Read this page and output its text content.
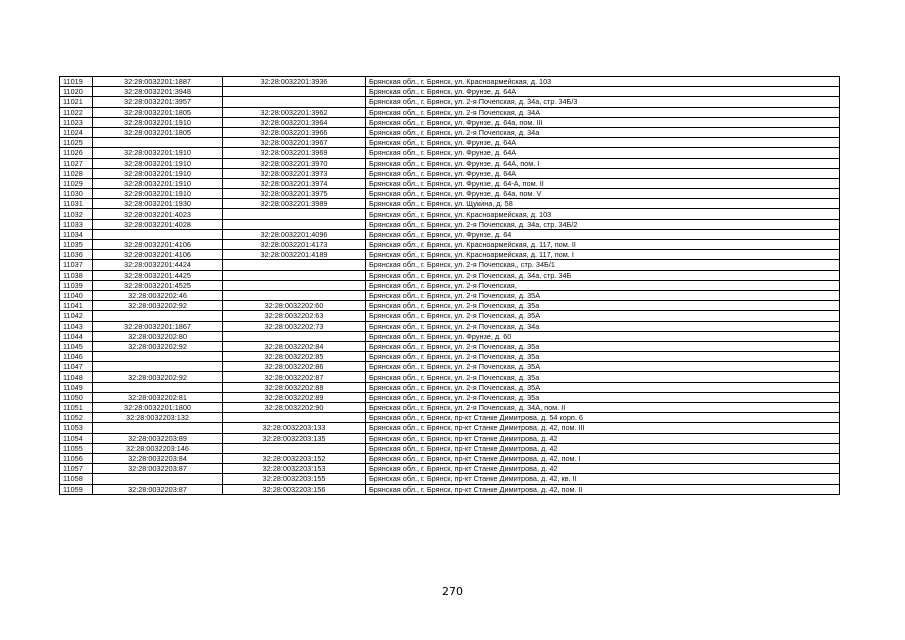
11019	32:28:0032201:1887	32:28:0032201:3936	Брянская обл., г. Брянск, ул. Красноармейская, д. 103
11020	32:28:0032201:3948		Брянская обл., г. Брянск, ул. Фрунзе, д. 64А
11021	32:28:0032201:3957		Брянская обл., г. Брянск, ул. 2-я Почепская, д. 34а, стр. 34Б/3
11022	32:28:0032201:1805	32:28:0032201:3962	Брянская обл., г. Брянск, ул. 2-я Почепская, д. 34А
11023	32:28:0032201:1910	32:28:0032201:3964	Брянская обл., г. Брянск, ул. Фрунзе, д. 64а, пом. III
11024	32:28:0032201:1805	32:28:0032201:3966	Брянская обл., г. Брянск, ул. 2-я Почепская, д. 34а
11025		32:28:0032201:3967	Брянская обл., г. Брянск, ул. Фрунзе, д. 64А
11026	32:28:0032201:1910	32:28:0032201:3969	Брянская обл., г. Брянск, ул. Фрунзе, д. 64А
11027	32:28:0032201:1910	32:28:0032201:3970	Брянская обл., г. Брянск, ул. Фрунзе, д. 64А, пом. I
11028	32:28:0032201:1910	32:28:0032201:3973	Брянская обл., г. Брянск, ул. Фрунзе, д. 64А
11029	32:28:0032201:1910	32:28:0032201:3974	Брянская обл., г. Брянск, ул. Фрунзе, д. 64-А, пом. II
11030	32:28:0032201:1910	32:28:0032201:3975	Брянская обл., г. Брянск, ул. Фрунзе, д. 64а, пом. V
11031	32:28:0032201:1930	32:28:0032201:3989	Брянская обл., г. Брянск, ул. Щукина, д. 58
11032	32:28:0032201:4023		Брянская обл., г. Брянск, ул. Красноармейская, д. 103
11033	32:28:0032201:4028		Брянская обл., г. Брянск, ул. 2-я Почепская, д. 34а, стр. 34Б/2
11034		32:28:0032201:4096	Брянская обл., г. Брянск, ул. Фрунзе, д. 64
11035	32:28:0032201:4106	32:28:0032201:4173	Брянская обл., г. Брянск, ул. Красноармейская, д. 117, пом. II
11036	32:28:0032201:4106	32:28:0032201:4189	Брянская обл., г. Брянск, ул. Красноармейская, д. 117, пом. I
11037	32:28:0032201:4424		Брянская обл., г. Брянск, ул. 2-я Почепская,, стр. 34Б/1
11038	32:28:0032201:4425		Брянская обл., г. Брянск, ул. 2-я Почепская, д. 34а, стр. 34Б
11039	32:28:0032201:4525		Брянская обл., г. Брянск, ул. 2-я Почепская,
11040	32:28:0032202:46		Брянская обл., г. Брянск, ул. 2-я Почепская, д. 35А
11041	32:28:0032202:92	32:28:0032202:60	Брянская обл., г. Брянск, ул. 2-я Почепская, д. 35а
11042		32:28:0032202:63	Брянская обл., г. Брянск, ул. 2-я Почепская, д. 35А
11043	32:28:0032201:1867	32:28:0032202:73	Брянская обл., г. Брянск, ул. 2-я Почепская, д. 34а
11044	32:28:0032202:80		Брянская обл., г. Брянск, ул. Фрунзе, д. 60
11045	32:28:0032202:92	32:28:0032202:84	Брянская обл., г. Брянск, ул. 2-я Почепская, д. 35а
11046		32:28:0032202:85	Брянская обл., г. Брянск, ул. 2-я Почепская, д. 35а
11047		32:28:0032202:86	Брянская обл., г. Брянск, ул. 2-я Почепская, д. 35А
11048	32:28:0032202:92	32:28:0032202:87	Брянская обл., г. Брянск, ул. 2-я Почепская, д. 35а
11049		32:28:0032202:88	Брянская обл., г. Брянск, ул. 2-я Почепская, д. 35А
11050	32:28:0032202:81	32:28:0032202:89	Брянская обл., г. Брянск, ул. 2-я Почепская, д. 35а
11051	32:28:0032201:1800	32:28:0032202:90	Брянская обл., г. Брянск, ул. 2-я Почепская, д. 34А, пом. II
11052	32:28:0032203:132		Брянская обл., г. Брянск, пр-кт Станке Димитрова, д. 54 корп. 6
11053		32:28:0032203:133	Брянская обл., г. Брянск, пр-кт Станке Димитрова, д. 42, пом. III
11054	32:28:0032203:89	32:28:0032203:135	Брянская обл., г. Брянск, пр-кт Станке Димитрова, д. 42
11055	32:28:0032203:146		Брянская обл., г. Брянск, пр-кт Станке Димитрова, д. 42
11056	32:28:0032203:84	32:28:0032203:152	Брянская обл., г. Брянск, пр-кт Станке Димитрова, д. 42, пом. I
11057	32:28:0032203:87	32:28:0032203:153	Брянская обл., г. Брянск, пр-кт Станке Димитрова, д. 42
11058		32:28:0032203:155	Брянская обл., г. Брянск, пр-кт Станке Димитрова, д. 42, кв. II
11059	32:28:0032203:87	32:28:0032203:156	Брянская обл., г. Брянск, пр-кт Станке Димитрова, д. 42, пом. II
270
